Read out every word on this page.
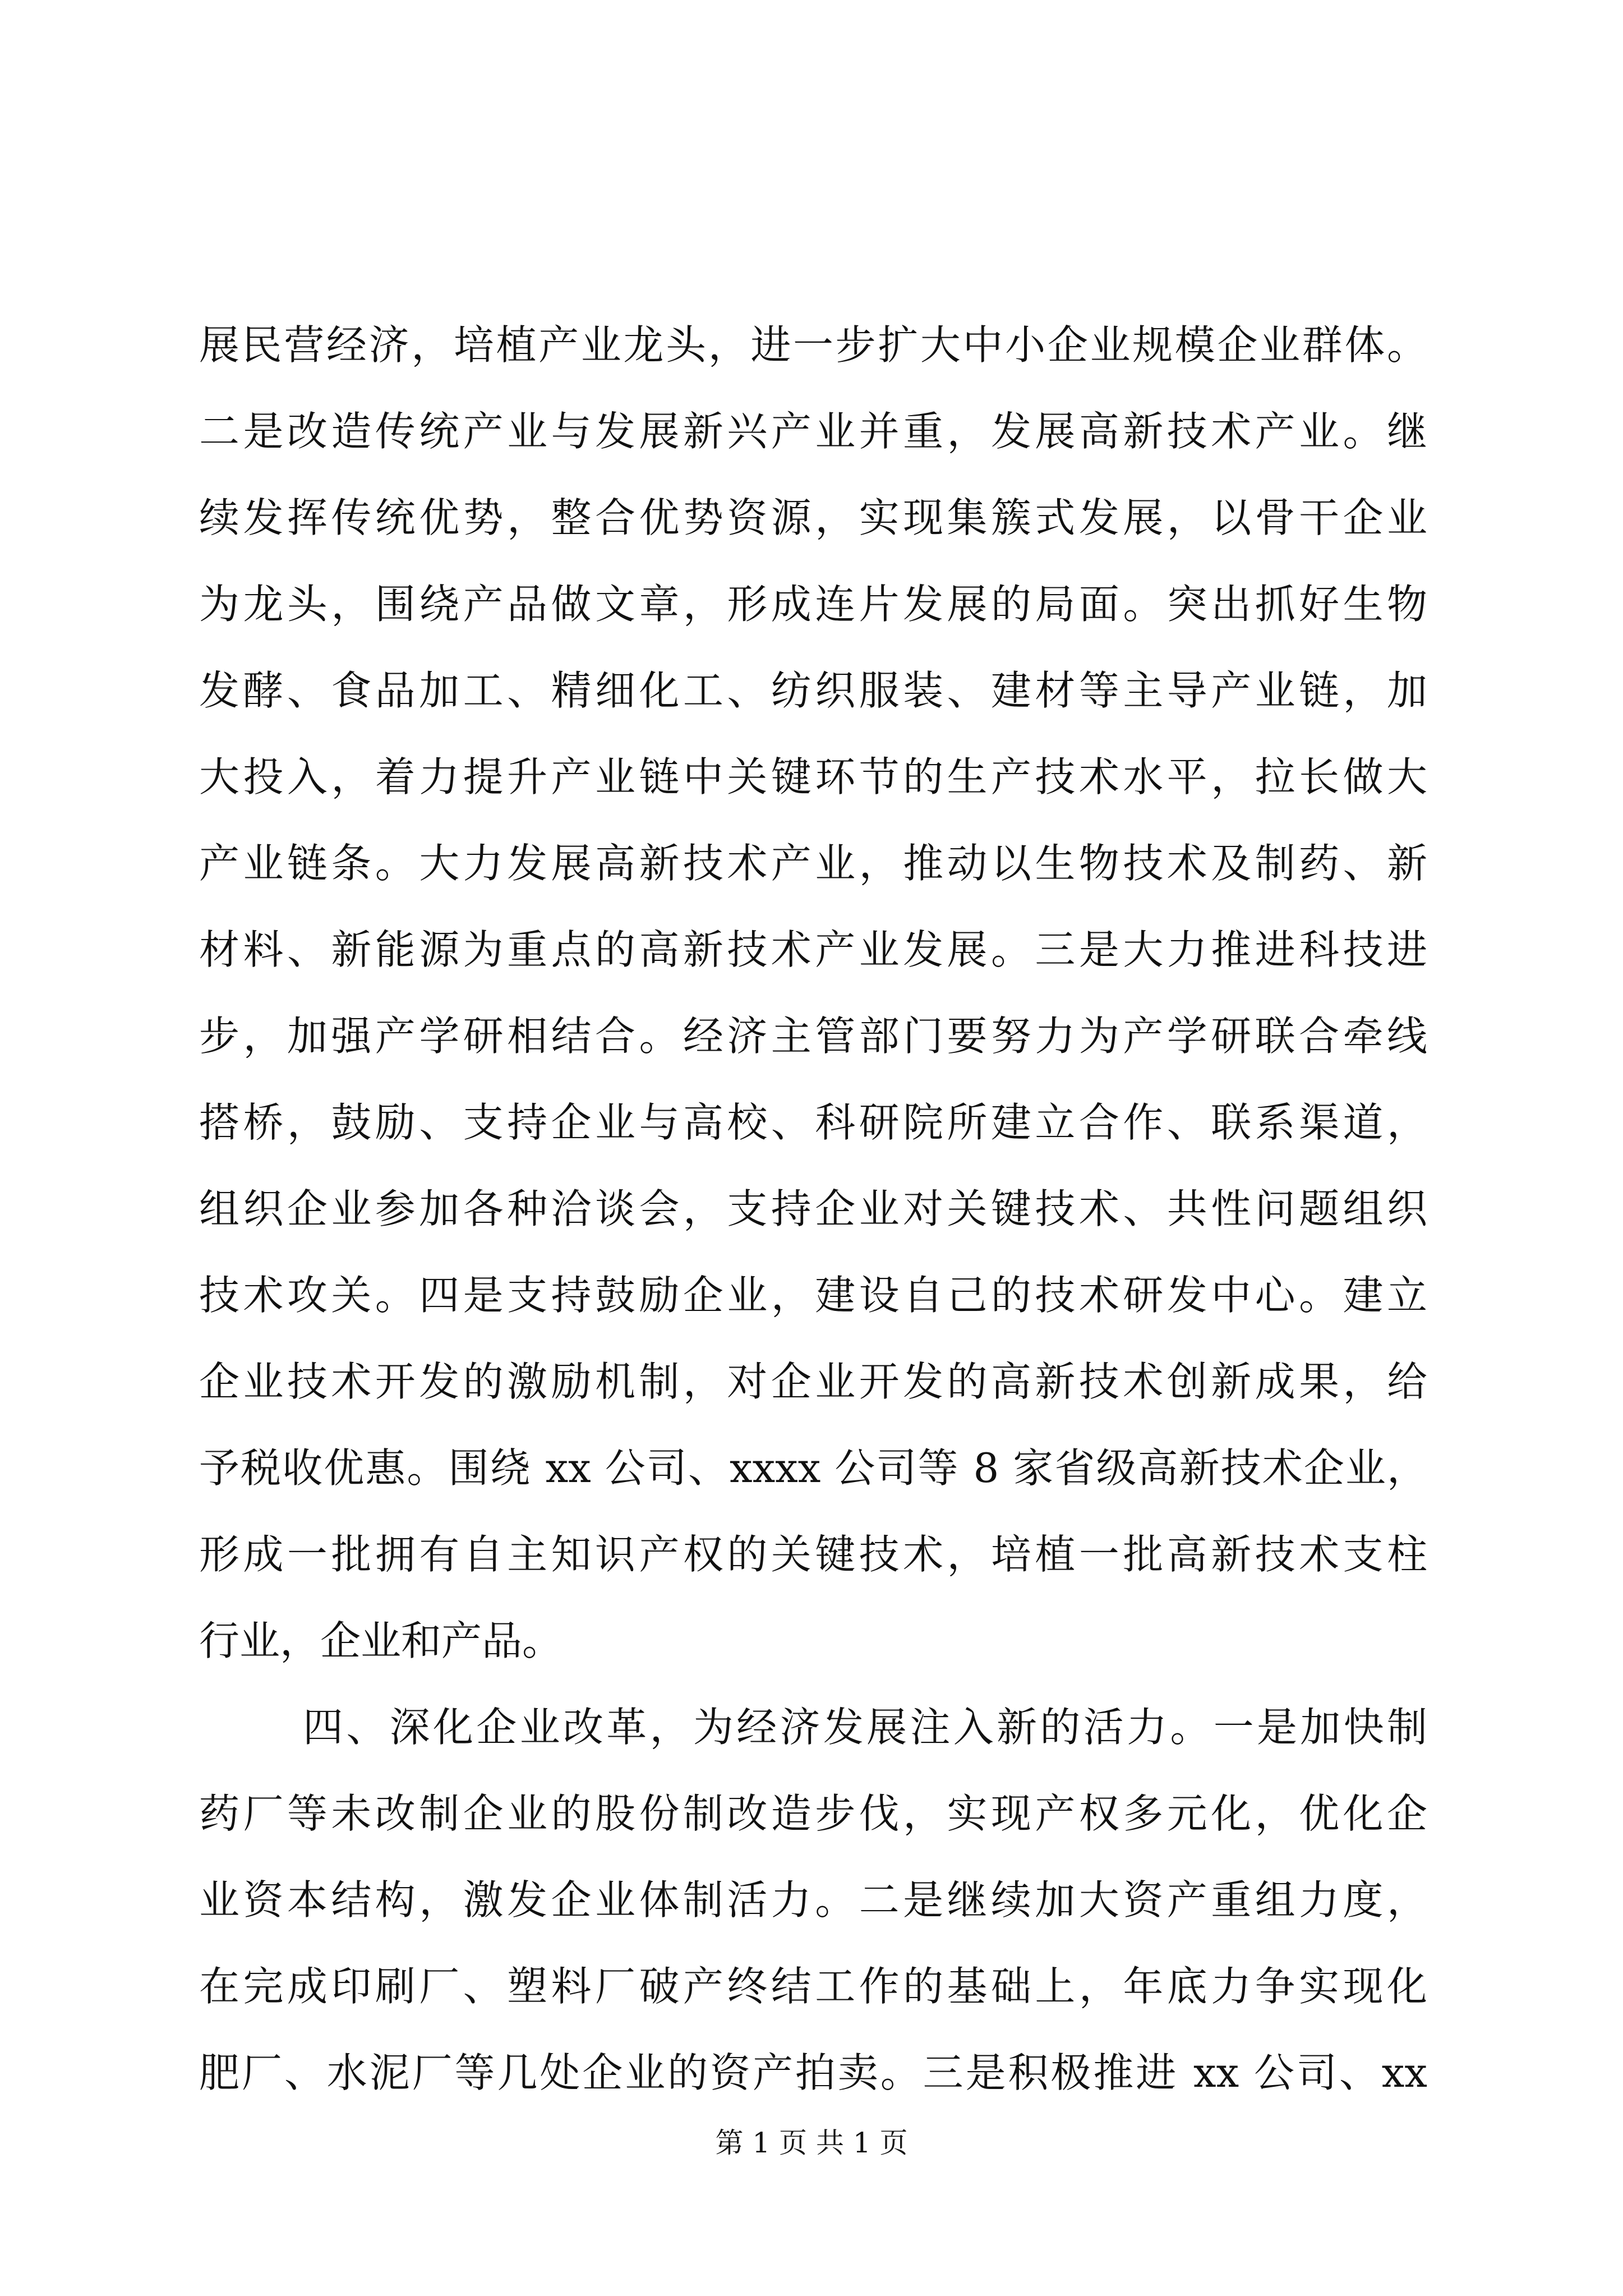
展民营经济，培植产业龙头，进一步扩大中小企业规模企业群体。
二是改造传统产业与发展新兴产业并重，发展高新技术产业。继
续发挥传统优势，整合优势资源，实现集簇式发展，以骨干企业
为龙头，围绕产品做文章，形成连片发展的局面。突出抓好生物
发酵、食品加工、精细化工、纺织服装、建材等主导产业链，加
大投入，着力提升产业链中关键环节的生产技术水平，拉长做大
产业链条。大力发展高新技术产业，推动以生物技术及制药、新
材料、新能源为重点的高新技术产业发展。三是大力推进科技进
步，加强产学研相结合。经济主管部门要努力为产学研联合牵线
搭桥，鼓励、支持企业与高校、科研院所建立合作、联系渠道，
组织企业参加各种洽谈会，支持企业对关键技术、共性问题组织
技术攻关。四是支持鼓励企业，建设自己的技术研发中心。建立
企业技术开发的激励机制，对企业开发的高新技术创新成果，给
予税收优惠。围绕 xx 公司、xxxx 公司等 8 家省级高新技术企业，
形成一批拥有自主知识产权的关键技术，培植一批高新技术支柱
行业，企业和产品。
四、深化企业改革，为经济发展注入新的活力。一是加快制
药厂等未改制企业的股份制改造步伐，实现产权多元化，优化企
业资本结构，激发企业体制活力。二是继续加大资产重组力度，
在完成印刷厂、塑料厂破产终结工作的基础上，年底力争实现化
肥厂、水泥厂等几处企业的资产拍卖。三是积极推进 xx 公司、xx
第 1 页 共 1 页
